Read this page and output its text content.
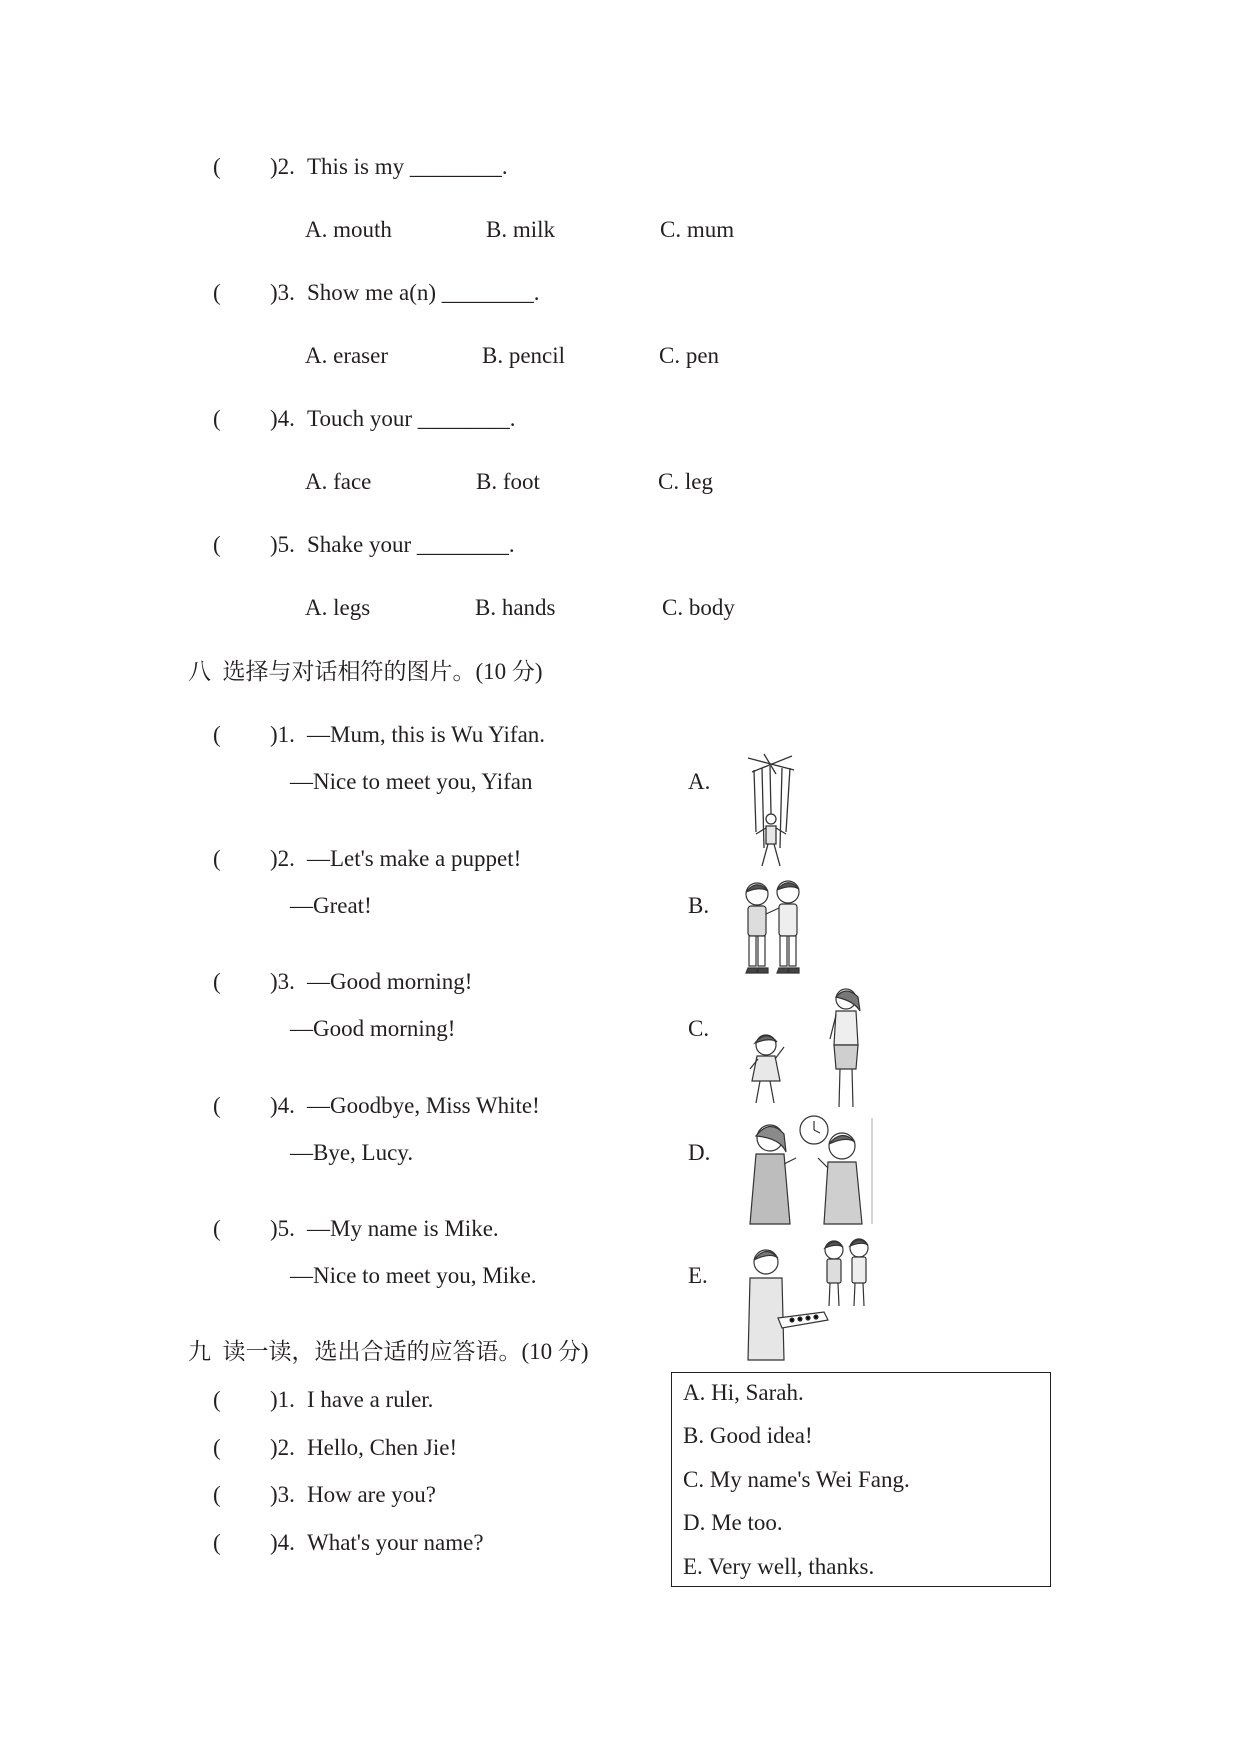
( )2. This is my ________.
A. mouth	B. milk	C. mum
( )3. Show me a(n) ________.
A. eraser	B. pencil	C. pen
( )4. Touch your ________.
A. face	B. foot	C. leg
( )5. Shake your ________.
A. legs	B. hands	C. body
八  选择与对话相符的图片。(10 分)
( )1. —Mum, this is Wu Yifan.
—Nice to meet you, Yifan
( )2. —Let's make a puppet!
—Great!
( )3. —Good morning!
—Good morning!
( )4. —Goodbye, Miss White!
—Bye, Lucy.
( )5. —My name is Mike.
—Nice to meet you, Mike.
A.
B.
C.
D.
E.
九  读一读，选出合适的应答语。(10 分)
( )1. I have a ruler.
( )2. Hello, Chen Jie!
( )3. How are you?
( )4. What's your name?
A. Hi, Sarah.
B. Good idea!
C. My name's Wei Fang.
D. Me too.
E. Very well, thanks.
